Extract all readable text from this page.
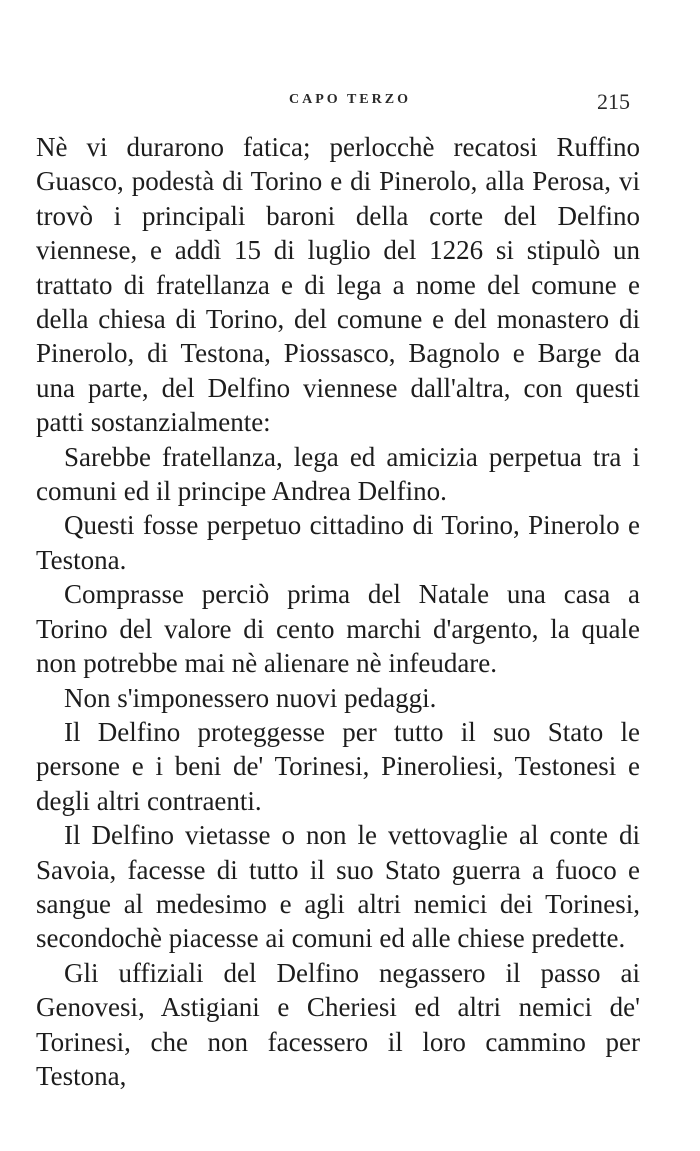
CAPO TERZO	215

Nè vi durarono fatica; perlocchè recatosi Ruffino Guasco, podestà di Torino e di Pinerolo, alla Perosa, vi trovò i principali baroni della corte del Delfino viennese, e addì 15 di luglio del 1226 si stipulò un trattato di fratellanza e di lega a nome del comune e della chiesa di Torino, del comune e del monastero di Pinerolo, di Testona, Piossasco, Bagnolo e Barge da una parte, del Delfino viennese dall'altra, con questi patti sostanzialmente:

Sarebbe fratellanza, lega ed amicizia perpetua tra i comuni ed il principe Andrea Delfino.

Questi fosse perpetuo cittadino di Torino, Pinerolo e Testona.

Comprasse perciò prima del Natale una casa a Torino del valore di cento marchi d'argento, la quale non potrebbe mai nè alienare nè infeudare.

Non s'imponessero nuovi pedaggi.

Il Delfino proteggesse per tutto il suo Stato le persone e i beni de' Torinesi, Pineroliesi, Testonesi e degli altri contraenti.

Il Delfino vietasse o non le vettovaglie al conte di Savoia, facesse di tutto il suo Stato guerra a fuoco e sangue al medesimo e agli altri nemici dei Torinesi, secondochè piacesse ai comuni ed alle chiese predette.

Gli uffiziali del Delfino negassero il passo ai Genovesi, Astigiani e Cheriesi ed altri nemici de' Torinesi, che non facessero il loro cammino per Testona,
